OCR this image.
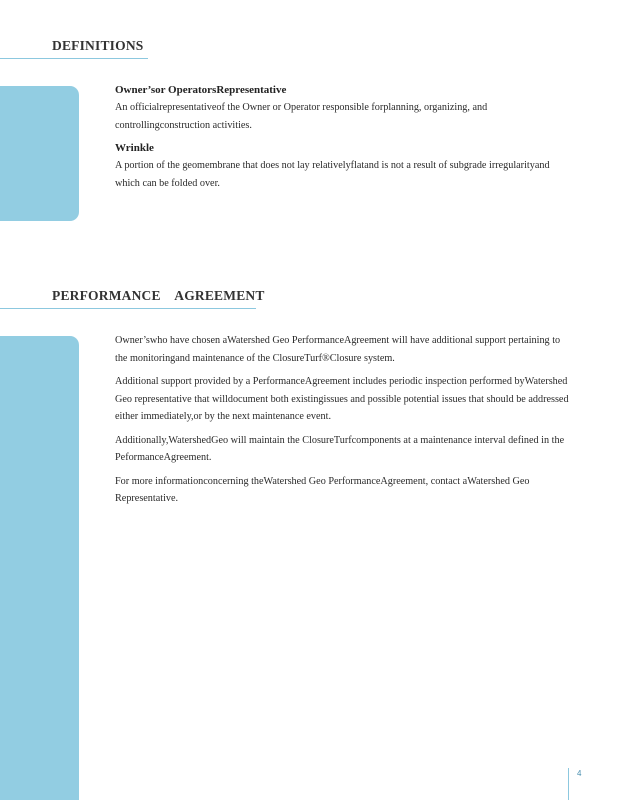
DEFINITIONS

Owner’sor OperatorsRepresentative

An officialrepresentativeof the Owner or Operator responsible forplanning, organizing, and controllingconstruction activities.

Wrinkle

A portion of the geomembrane that does not lay relativelyflatand is not a result of subgrade irregularityand which can be folded over.

PERFORMANCE    AGREEMENT

Owner’swho have chosen aWatershed Geo PerformanceAgreement will have additional support pertaining to the monitoringand maintenance of the ClosureTurf®Closure system.

Additional support provided by a PerformanceAgreement includes periodic inspection performed byWatershed Geo representative that willdocument both existingissues and possible potential issues that should be addressed either immediately,or by the next maintenance event.

Additionally,WatershedGeo will maintain the ClosureTurfcomponents at a maintenance interval defined in the PeformanceAgreement.

For more informationconcerning theWatershed Geo PerformanceAgreement, contact aWatershed Geo Representative.

4
